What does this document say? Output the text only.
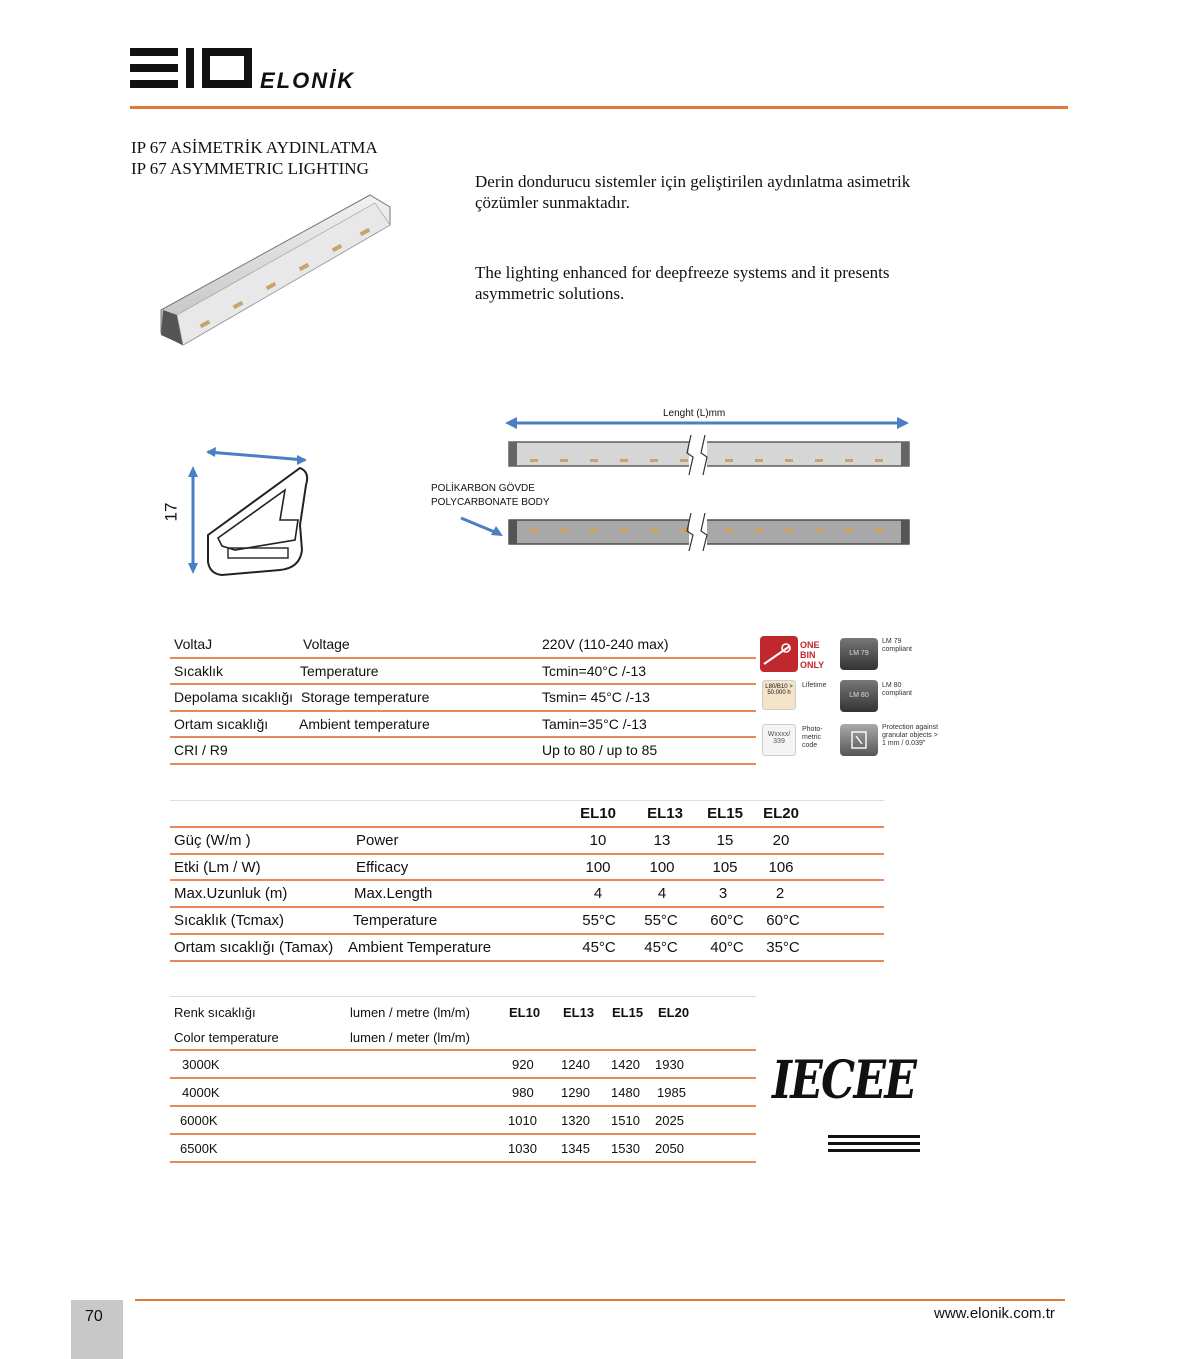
ELONİK
IP 67 ASİMETRİK AYDINLATMA
IP 67 ASYMMETRIC LIGHTING
Derin dondurucu sistemler için geliştirilen aydınlatma asimetrik çözümler sunmaktadır.
The lighting enhanced for deepfreeze systems and it presents asymmetric solutions.
17
Lenght (L)mm
POLİKARBON GÖVDE
POLYCARBONATE BODY
VoltaJ	Voltage	220V (110-240 max)
Sıcaklık	Temperature	Tcmin=40°C /-13
Depolama sıcaklığı Storage temperature	Tsmin= 45°C /-13
Ortam sıcaklığı Ambient temperature	Tamin=35°C /-13
CRI / R9	Up to 80 / up to 85
ONE BIN ONLY
LM 79
LM 79 compliant
L80/B10 > 50.000 h
Lifetime
LM 80
LM 80 compliant
Wxxxx/ 339
Photo-metric code
Protection against granular objects > 1 mm / 0.039"
EL10	EL13	EL15	EL20
Güç (W/m )	Power	10	13	15	20
Etki (Lm / W)	Efficacy	100	100	105	106
Max.Uzunluk (m)	Max.Length	4	4	3	2
Sıcaklık (Tcmax)	Temperature	55°C	55°C	60°C	60°C
Ortam sıcaklığı (Tamax) Ambient Temperature	45°C	45°C	40°C	35°C
Renk sıcaklığı
Color temperature
lumen / metre (lm/m)
lumen / meter (lm/m)
EL10 EL13 EL15 EL20
3000K	920 1240 1420 1930
4000K	980 1290 1480 1985
6000K	1010 1320 1510 2025
6500K	1030 1345 1530 2050
IECEE
70	www.elonik.com.tr
